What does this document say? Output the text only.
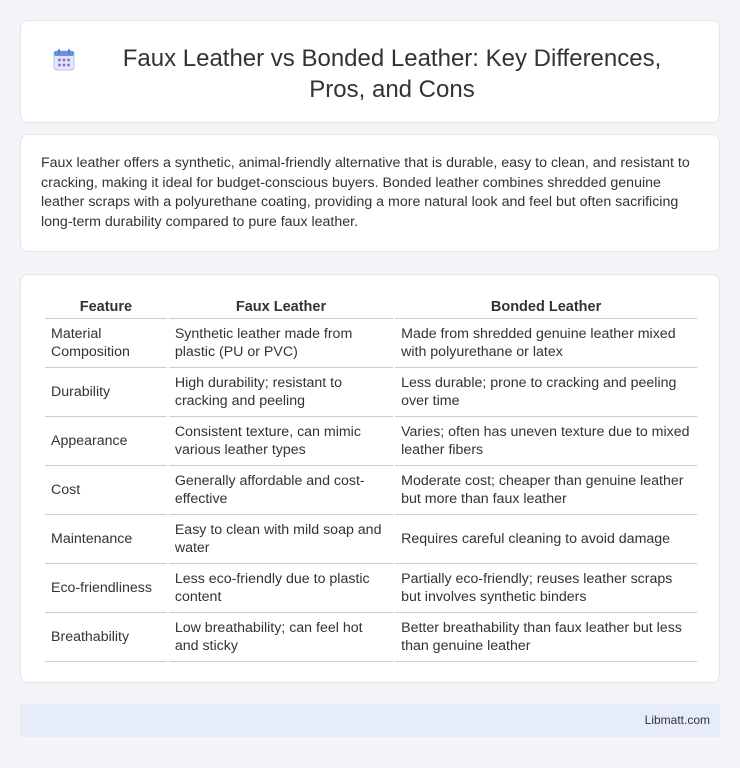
Faux Leather vs Bonded Leather: Key Differences, Pros, and Cons

Faux leather offers a synthetic, animal-friendly alternative that is durable, easy to clean, and resistant to cracking, making it ideal for budget-conscious buyers. Bonded leather combines shredded genuine leather scraps with a polyurethane coating, providing a more natural look and feel but often sacrificing long-term durability compared to pure faux leather.

Feature	Faux Leather	Bonded Leather
Material Composition	Synthetic leather made from plastic (PU or PVC)	Made from shredded genuine leather mixed with polyurethane or latex
Durability	High durability; resistant to cracking and peeling	Less durable; prone to cracking and peeling over time
Appearance	Consistent texture, can mimic various leather types	Varies; often has uneven texture due to mixed leather fibers
Cost	Generally affordable and cost-effective	Moderate cost; cheaper than genuine leather but more than faux leather
Maintenance	Easy to clean with mild soap and water	Requires careful cleaning to avoid damage
Eco-friendliness	Less eco-friendly due to plastic content	Partially eco-friendly; reuses leather scraps but involves synthetic binders
Breathability	Low breathability; can feel hot and sticky	Better breathability than faux leather but less than genuine leather
Libmatt.com
